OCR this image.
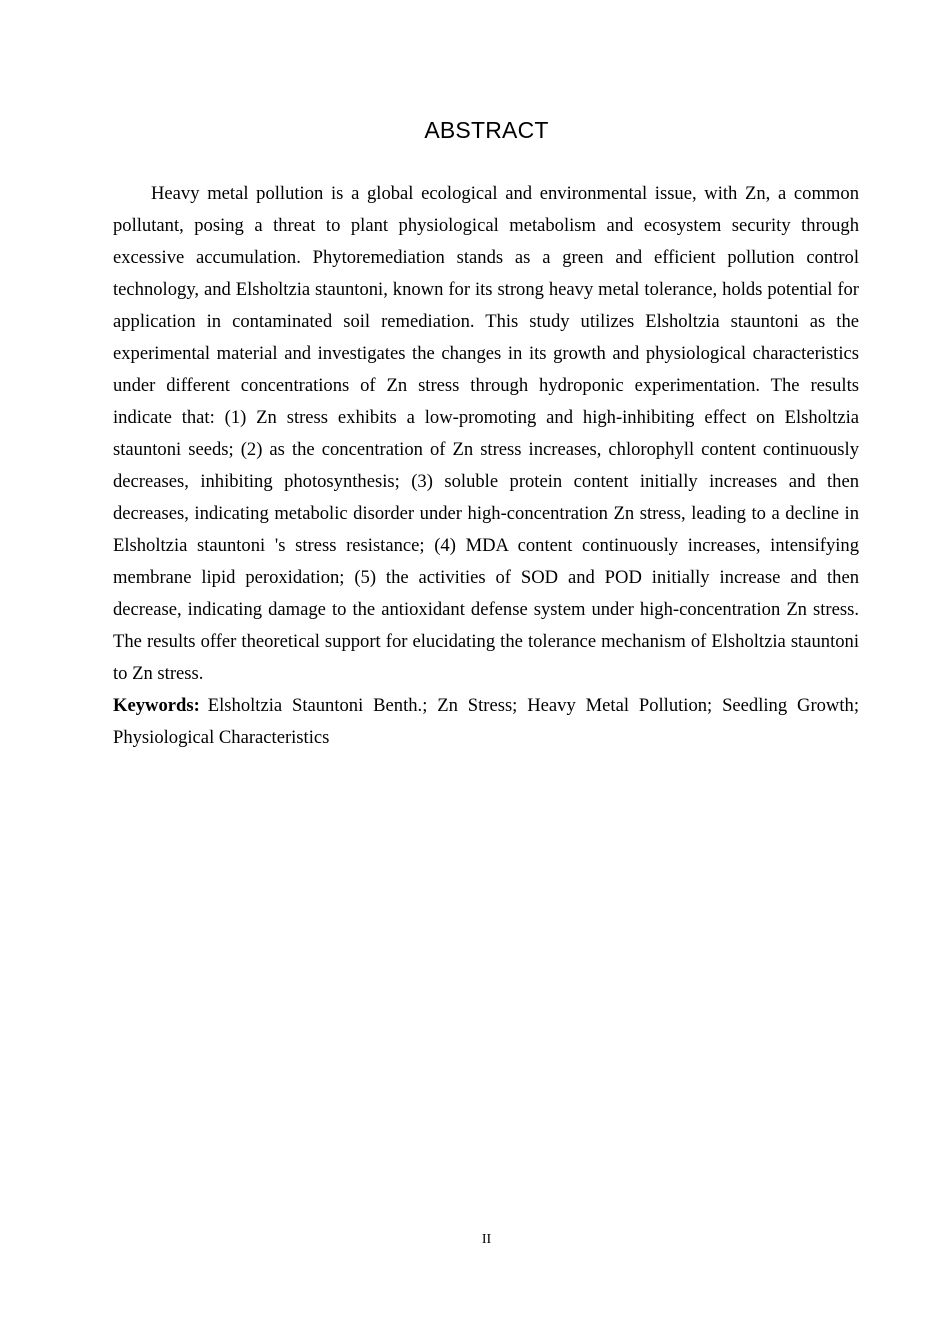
ABSTRACT

Heavy metal pollution is a global ecological and environmental issue, with Zn, a common pollutant, posing a threat to plant physiological metabolism and ecosystem security through excessive accumulation. Phytoremediation stands as a green and efficient pollution control technology, and Elsholtzia stauntoni, known for its strong heavy metal tolerance, holds potential for application in contaminated soil remediation. This study utilizes Elsholtzia stauntoni as the experimental material and investigates the changes in its growth and physiological characteristics under different concentrations of Zn stress through hydroponic experimentation. The results indicate that: (1) Zn stress exhibits a low-promoting and high-inhibiting effect on Elsholtzia stauntoni seeds; (2) as the concentration of Zn stress increases, chlorophyll content continuously decreases, inhibiting photosynthesis; (3) soluble protein content initially increases and then decreases, indicating metabolic disorder under high-concentration Zn stress, leading to a decline in Elsholtzia stauntoni 's stress resistance; (4) MDA content continuously increases, intensifying membrane lipid peroxidation; (5) the activities of SOD and POD initially increase and then decrease, indicating damage to the antioxidant defense system under high-concentration Zn stress. The results offer theoretical support for elucidating the tolerance mechanism of Elsholtzia stauntoni to Zn stress.

Keywords: Elsholtzia Stauntoni Benth.; Zn Stress; Heavy Metal Pollution; Seedling Growth; Physiological Characteristics

II
